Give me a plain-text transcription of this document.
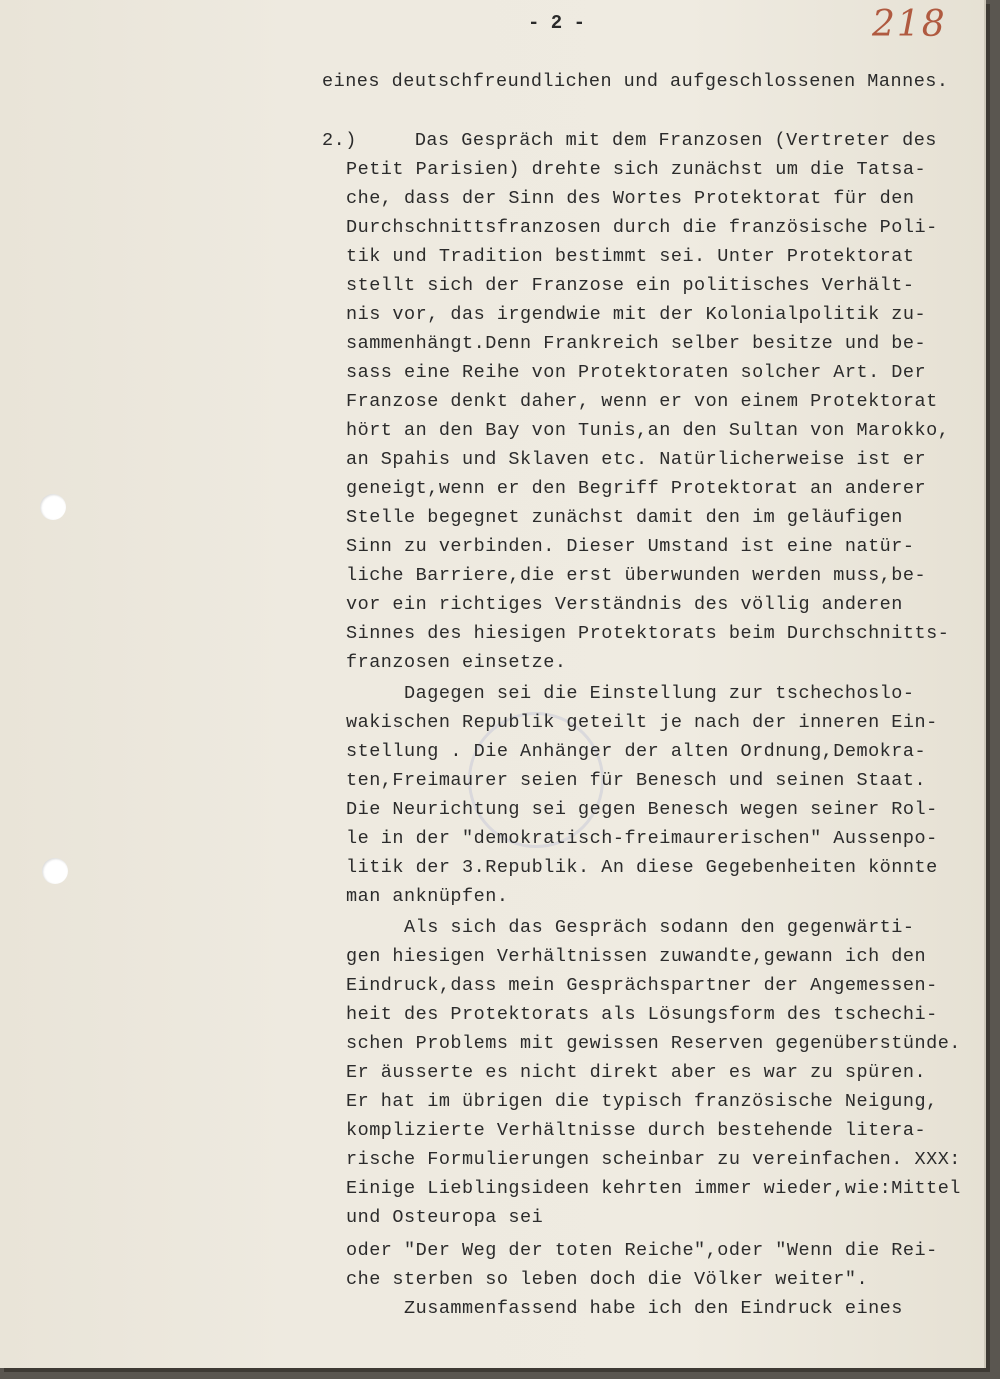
- 2 -	218
eines deutschfreundlichen und aufgeschlossenen Mannes.
2.)     Das Gespräch mit dem Franzosen (Vertreter des
Petit Parisien) drehte sich zunächst um die Tatsa-
che, dass der Sinn des Wortes Protektorat für den
Durchschnittsfranzosen durch die französische Poli-
tik und Tradition bestimmt sei. Unter Protektorat
stellt sich der Franzose ein politisches Verhält-
nis vor, das irgendwie mit der Kolonialpolitik zu-
sammenhängt.Denn Frankreich selber besitze und be-
sass eine Reihe von Protektoraten solcher Art. Der
Franzose denkt daher, wenn er von einem Protektorat
hört an den Bay von Tunis,an den Sultan von Marokko,
an Spahis und Sklaven etc. Natürlicherweise ist er
geneigt,wenn er den Begriff Protektorat an anderer
Stelle begegnet zunächst damit den im geläufigen
Sinn zu verbinden. Dieser Umstand ist eine natür-
liche Barriere,die erst überwunden werden muss,be-
vor ein richtiges Verständnis des völlig anderen
Sinnes des hiesigen Protektorats beim Durchschnitts-
franzosen einsetze.
Dagegen sei die Einstellung zur tschechoslo-
wakischen Republik geteilt je nach der inneren Ein-
stellung . Die Anhänger der alten Ordnung,Demokra-
ten,Freimaurer seien für Benesch und seinen Staat.
Die Neurichtung sei gegen Benesch wegen seiner Rol-
le in der "demokratisch-freimaurerischen" Aussenpo-
litik der 3.Republik. An diese Gegebenheiten könnte
man anknüpfen.
Als sich das Gespräch sodann den gegenwärti-
gen hiesigen Verhältnissen zuwandte,gewann ich den
Eindruck,dass mein Gesprächspartner der Angemessen-
heit des Protektorats als Lösungsform des tschechi-
schen Problems mit gewissen Reserven gegenüberstünde.
Er äusserte es nicht direkt aber es war zu spüren.
Er hat im übrigen die typisch französische Neigung,
komplizierte Verhältnisse durch bestehende litera-
rische Formulierungen scheinbar zu vereinfachen. XXX:
Einige Lieblingsideen kehrten immer wieder,wie:Mittel
und Osteuropa sei
oder "Der Weg der toten Reiche",oder "Wenn die Rei-
che sterben so leben doch die Völker weiter".
Zusammenfassend habe ich den Eindruck eines
